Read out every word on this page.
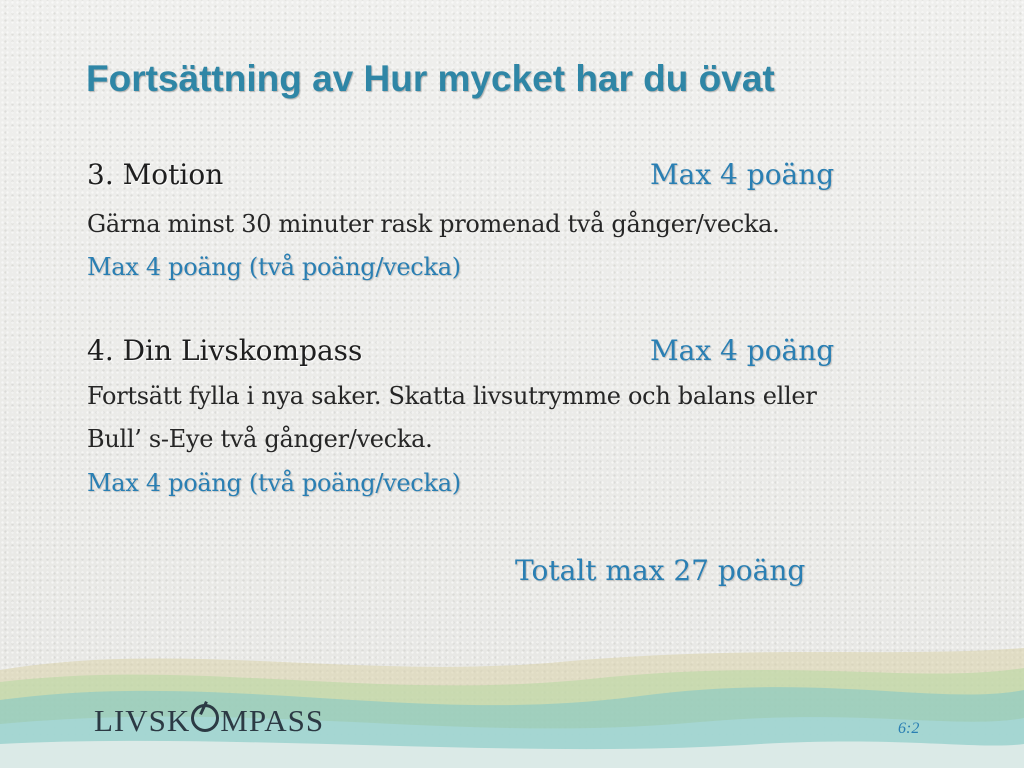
Fortsättning av Hur mycket har du övat

3. Motion	Max 4 poäng

Gärna minst 30 minuter rask promenad två gånger/vecka.

Max 4 poäng (två poäng/vecka)

4. Din Livskompass	Max 4 poäng

Fortsätt fylla i nya saker. Skatta livsutrymme och balans eller

Bull’ s-Eye två gånger/vecka.

Max 4 poäng (två poäng/vecka)

Totalt max 27 poäng

LIVSK MPASS	6:2
